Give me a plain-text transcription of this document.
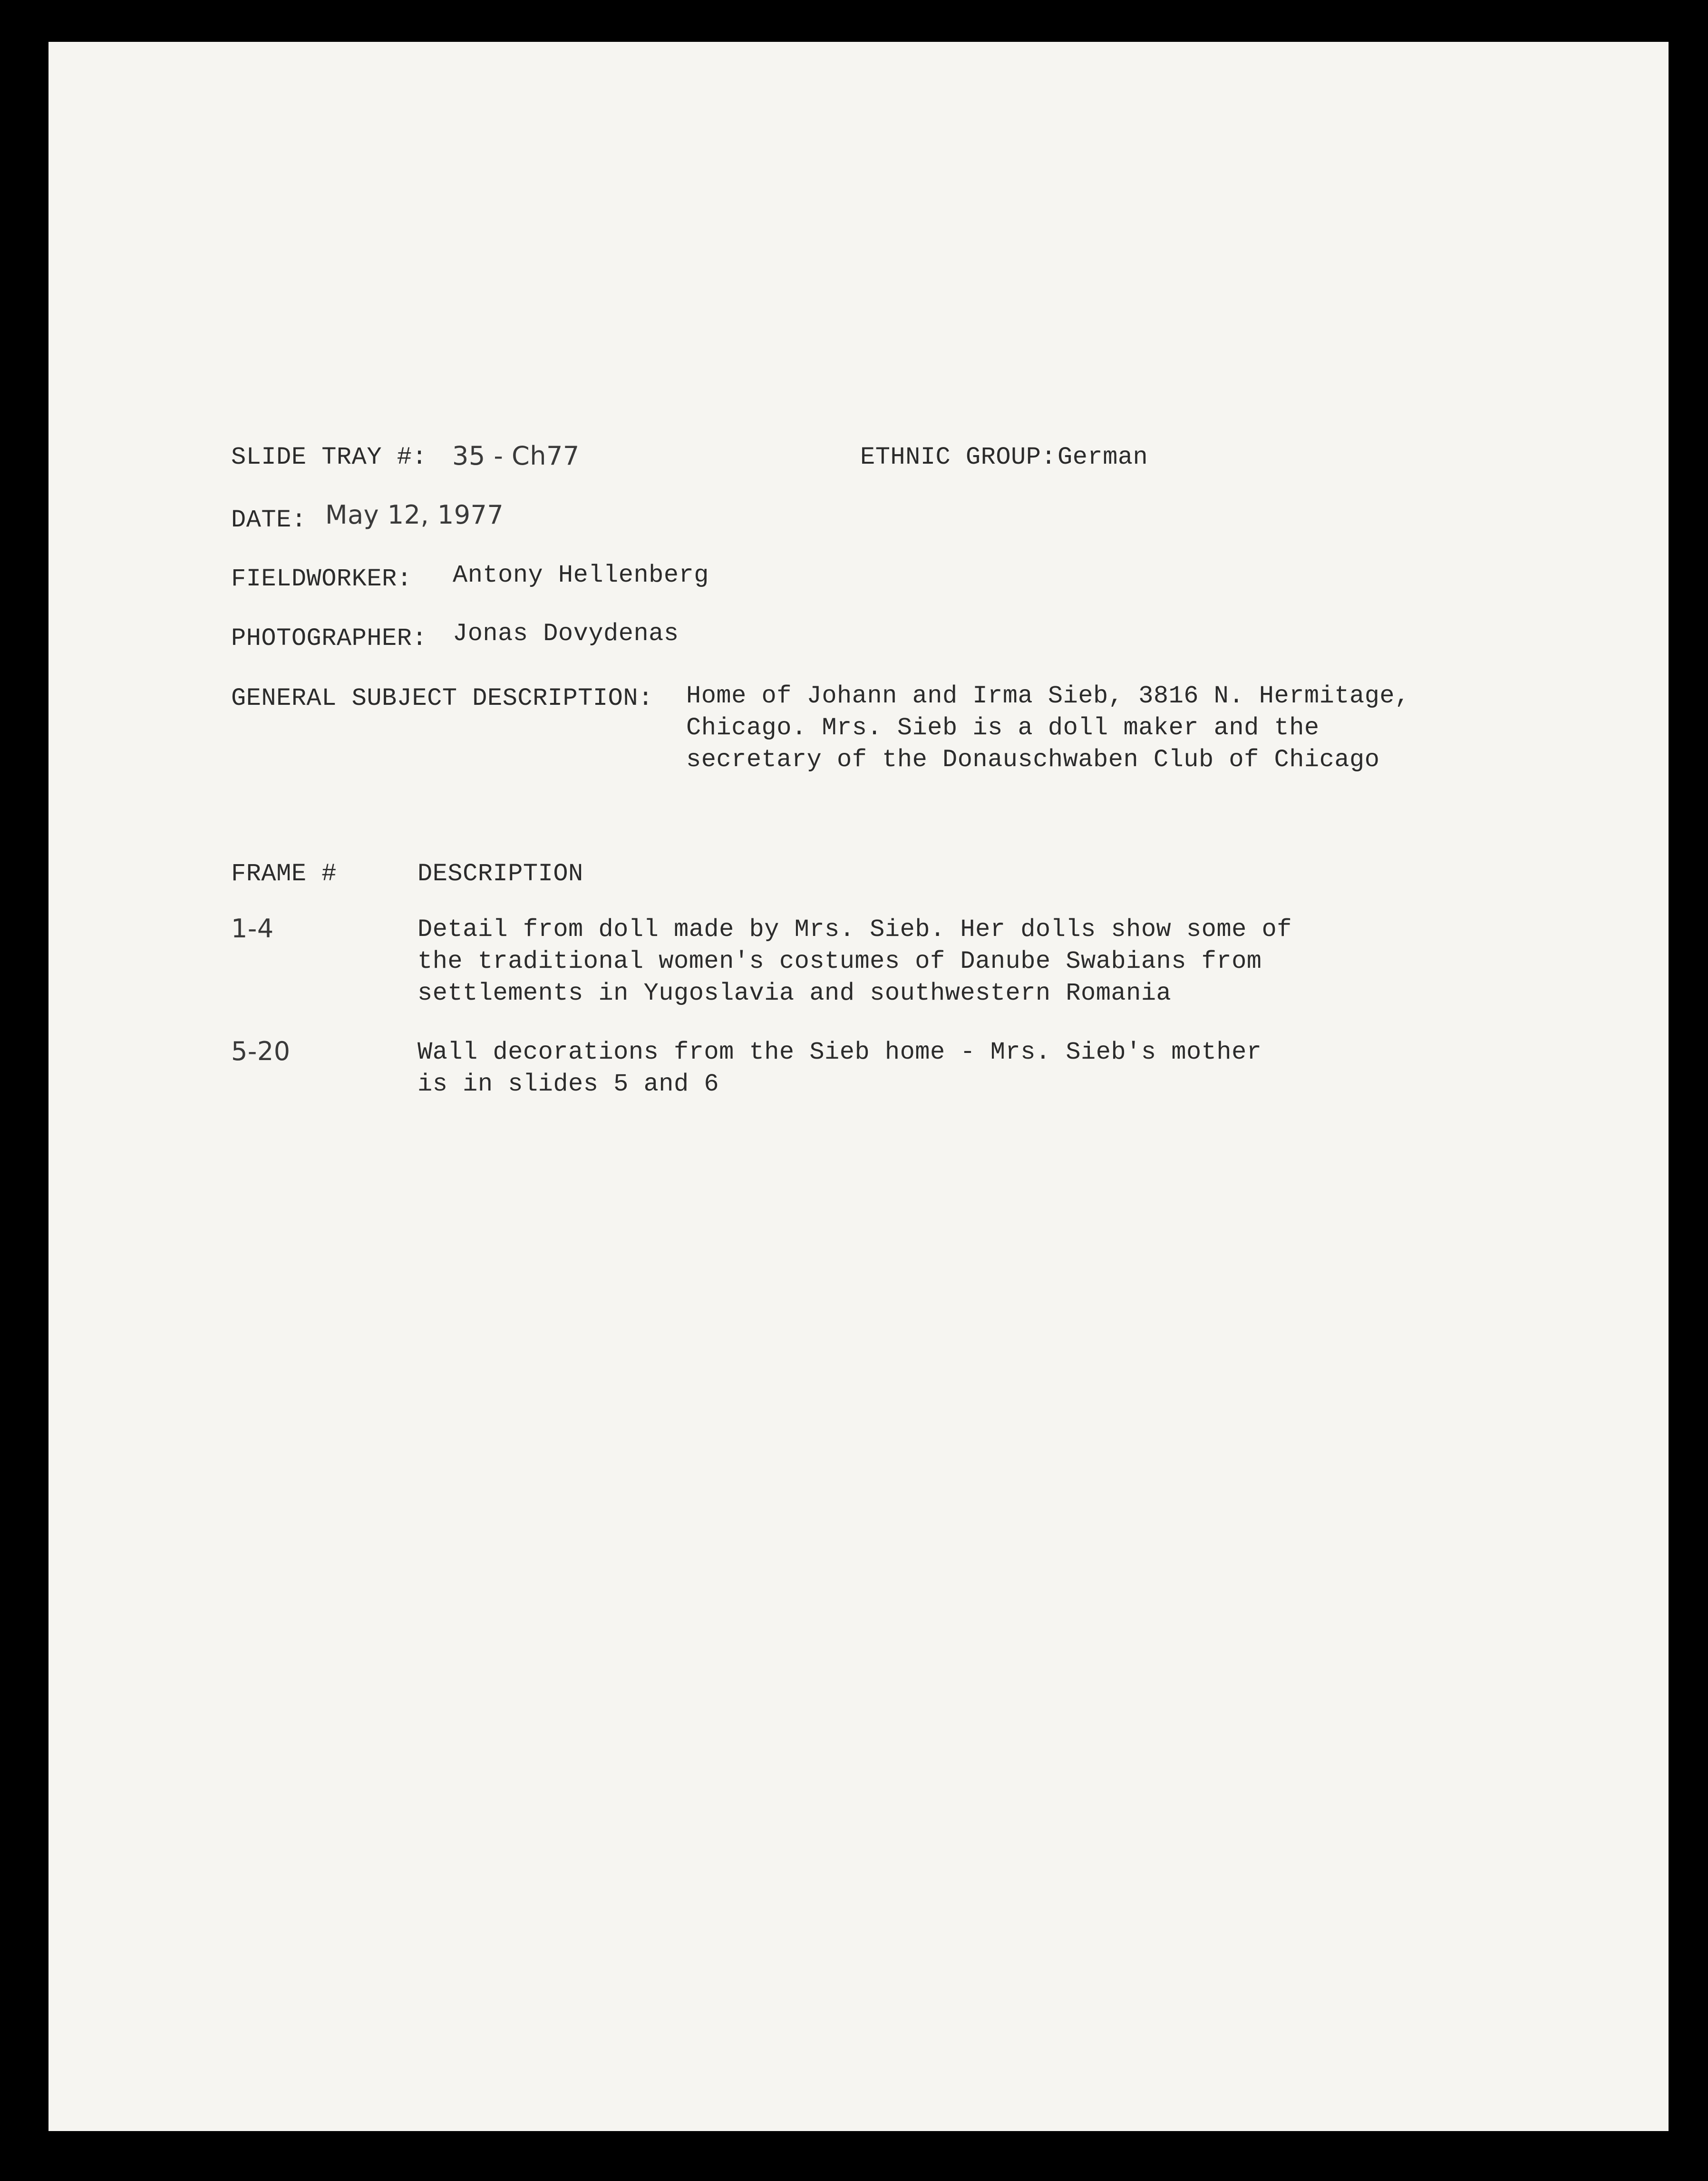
SLIDE TRAY #: 35 - Ch77	ETHNIC GROUP: German
DATE: May 12, 1977
FIELDWORKER: Antony Hellenberg
PHOTOGRAPHER: Jonas Dovydenas
GENERAL SUBJECT DESCRIPTION: Home of Johann and Irma Sieb, 3816 N. Hermitage,
Chicago. Mrs. Sieb is a doll maker and the
secretary of the Donauschwaben Club of Chicago
FRAME #	DESCRIPTION
1-4	Detail from doll made by Mrs. Sieb. Her dolls show some of
the traditional women's costumes of Danube Swabians from
settlements in Yugoslavia and southwestern Romania
5-20	Wall decorations from the Sieb home - Mrs. Sieb's mother
is in slides 5 and 6
